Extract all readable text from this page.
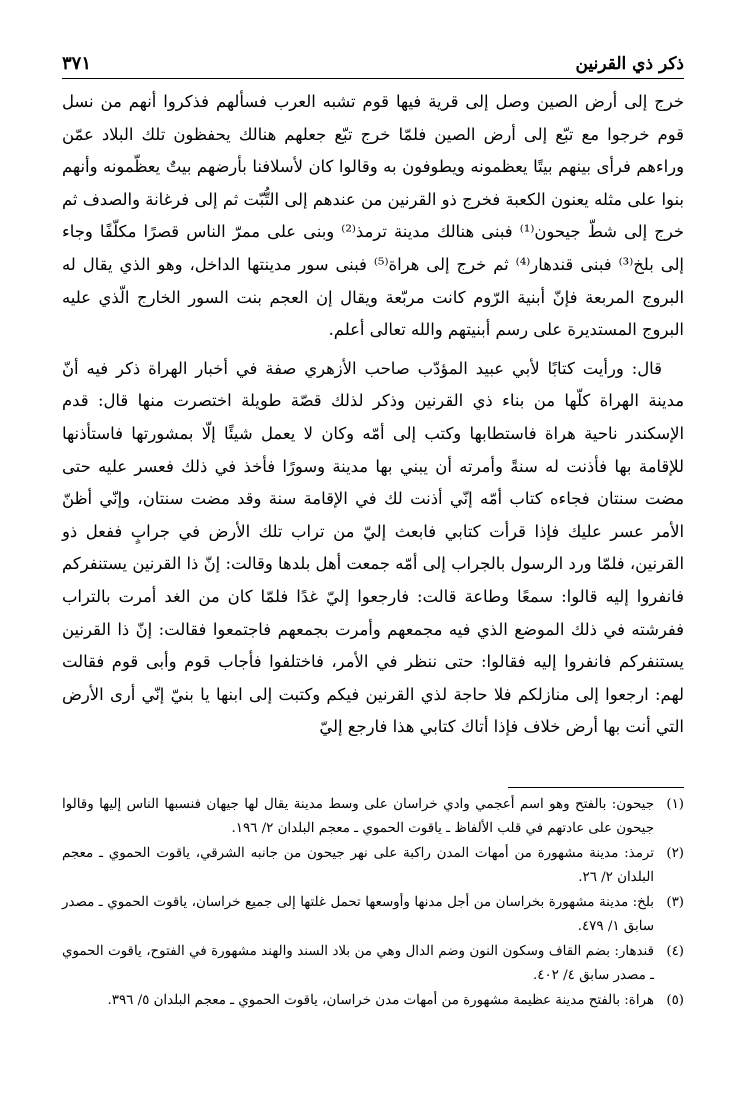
ذكر ذي القرنين
٣٧١

خرج إلى أرض الصين وصل إلى قرية فيها قوم تشبه العرب فسألهم فذكروا أنهم من نسل قوم خرجوا مع تبّع إلى أرض الصين فلمّا خرج تبّع جعلهم هنالك يحفظون تلك البلاد عمّن وراءهم فرأى بينهم بيتًا يعظمونه ويطوفون به وقالوا كان لأسلافنا بأرضهم بيتٌ يعظّمونه وأنهم بنوا على مثله يعنون الكعبة فخرج ذو القرنين من عندهم إلى التُّبّت ثم إلى فرغانة والصدف ثم خرج إلى شطّ جيحون⁽¹⁾ فبنى هنالك مدينة ترمذ⁽²⁾ وبنى على ممرّ الناس قصرًا مكلّفًا وجاء إلى بلخ⁽³⁾ فبنى قندهار⁽⁴⁾ ثم خرج إلى هراة⁽⁵⁾ فبنى سور مدينتها الداخل، وهو الذي يقال له البروج المربعة فإنّ أبنية الرّوم كانت مربّعة ويقال إن العجم بنت السور الخارج الّذي عليه البروج المستديرة على رسم أبنيتهم والله تعالى أعلم.

قال: ورأيت كتابًا لأبي عبيد المؤدّب صاحب الأزهري صفة في أخبار الهراة ذكر فيه أنّ مدينة الهراة كلّها من بناء ذي القرنين وذكر لذلك قصّة طويلة اختصرت منها قال: قدم الإسكندر ناحية هراة فاستطابها وكتب إلى أمّه وكان لا يعمل شيئًا إلّا بمشورتها فاستأذنها للإقامة بها فأذنت له سنةً وأمرته أن يبني بها مدينة وسورًا فأخذ في ذلك فعسر عليه حتى مضت سنتان فجاءه كتاب أمّه إنّي أذنت لك في الإقامة سنة وقد مضت سنتان، وإنّي أظنّ الأمر عسر عليك فإذا قرأت كتابي فابعث إليّ من تراب تلك الأرض في جرابٍ ففعل ذو القرنين، فلمّا ورد الرسول بالجراب إلى أمّه جمعت أهل بلدها وقالت: إنّ ذا القرنين يستنفركم فانفروا إليه قالوا: سمعًا وطاعة قالت: فارجعوا إليّ غدًا فلمّا كان من الغد أمرت بالتراب ففرشته في ذلك الموضع الذي فيه مجمعهم وأمرت بجمعهم فاجتمعوا فقالت: إنّ ذا القرنين يستنفركم فانفروا إليه فقالوا: حتى ننظر في الأمر، فاختلفوا فأجاب قوم وأبى قوم فقالت لهم: ارجعوا إلى منازلكم فلا حاجة لذي القرنين فيكم وكتبت إلى ابنها يا بنيّ إنّي أرى الأرض التي أنت بها أرض خلاف فإذا أتاك كتابي هذا فارجع إليّ

(١)
جيحون: بالفتح وهو اسم أعجمي وادي خراسان على وسط مدينة يقال لها جيهان فنسبها الناس إليها وقالوا جيحون على عادتهم في قلب الألفاظ ـ ياقوت الحموي ـ معجم البلدان ٢/ ١٩٦.
(٢)
ترمذ: مدينة مشهورة من أمهات المدن راكبة على نهر جيحون من جانبه الشرقي، ياقوت الحموي ـ معجم البلدان ٢/ ٢٦.
(٣)
بلخ: مدينة مشهورة بخراسان من أجل مدنها وأوسعها تحمل غلتها إلى جميع خراسان، ياقوت الحموي ـ مصدر سابق ١/ ٤٧٩.
(٤)
قندهار: بضم القاف وسكون النون وضم الدال وهي من بلاد السند والهند مشهورة في الفتوح، ياقوت الحموي ـ مصدر سابق ٤/ ٤٠٢.
(٥)
هراة: بالفتح مدينة عظيمة مشهورة من أمهات مدن خراسان، ياقوت الحموي ـ معجم البلدان ٥/ ٣٩٦.
